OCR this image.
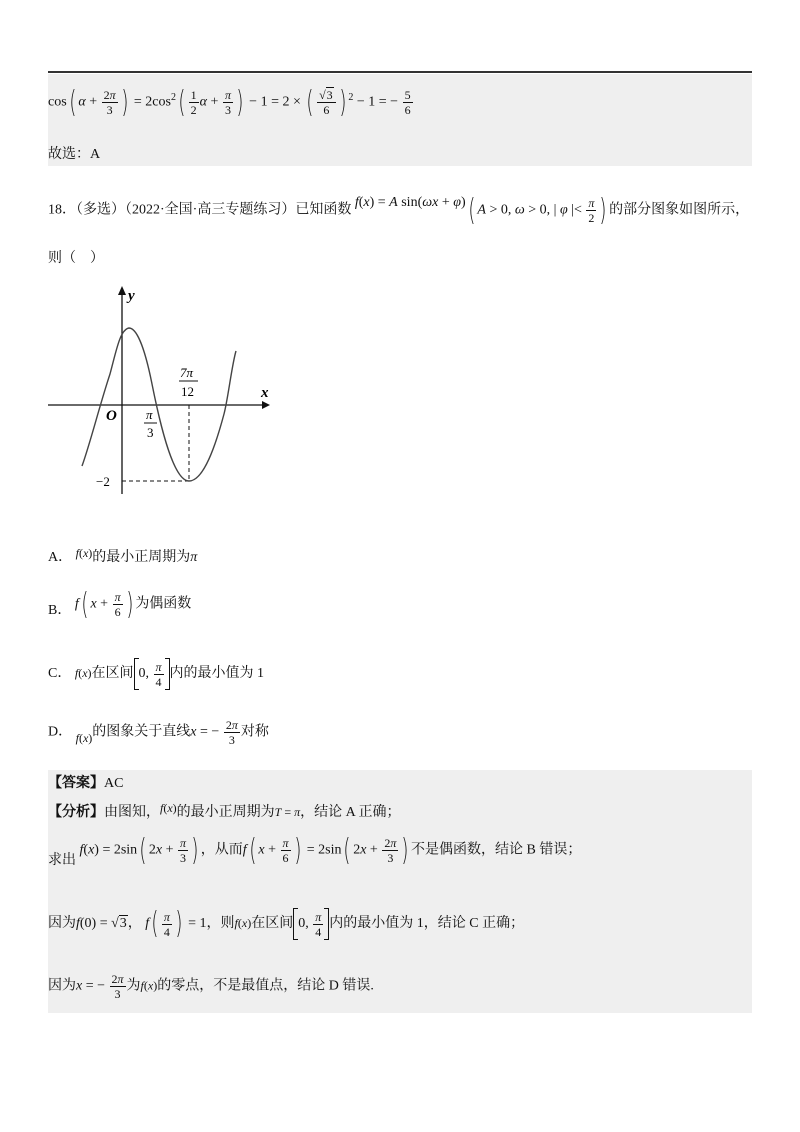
cos( $\alpha + \frac{2\pi}{3}$ ) = $2\cos^2( \frac{1}{2}$ $\alpha + \frac{\pi}{3}$ ) − 1 = 2 × ( $\frac{√3}{6}$ ) $^2$ − 1 = − $\frac{5}{6}$
故选：A
18．（多选）（2022·全国·高三专题练习）已知函数 f(x) = A sin(ωx + φ)( A > 0, ω > 0, | φ |< $\frac{\pi}{2}$ ) 的部分图象如图所示，
则（　）
y
x
O π
3
7π
12
−2
A． f(x)的最小正周期为π
B． f( $x + \frac{\pi}{6}$ ) 为偶函数
C． f(x)在区间 0, $\frac{\pi}{4}$ 内的最小值为 1
D． f(x)的图象关于直线x = − $\frac{2\pi}{3}$ 对称
【答案】AC
【分析】由图知，f(x)的最小正周期为T = π，结论 A 正确；
求出 f(x) = 2sin( $2x + \frac{\pi}{3}$ ) ，从而f( $x + \frac{\pi}{6}$ ) = 2sin( $2x + \frac{2\pi}{3}$ ) 不是偶函数，结论 B 错误；
因为f(0) = √3， $f( \frac{\pi}{4}$ ) = 1，则f(x)在区间 0, $\frac{\pi}{4}$ 内的最小值为 1，结论 C 正确；
因为x = − $\frac{2\pi}{3}$ 为f(x)的零点，不是最值点，结论 D 错误.
